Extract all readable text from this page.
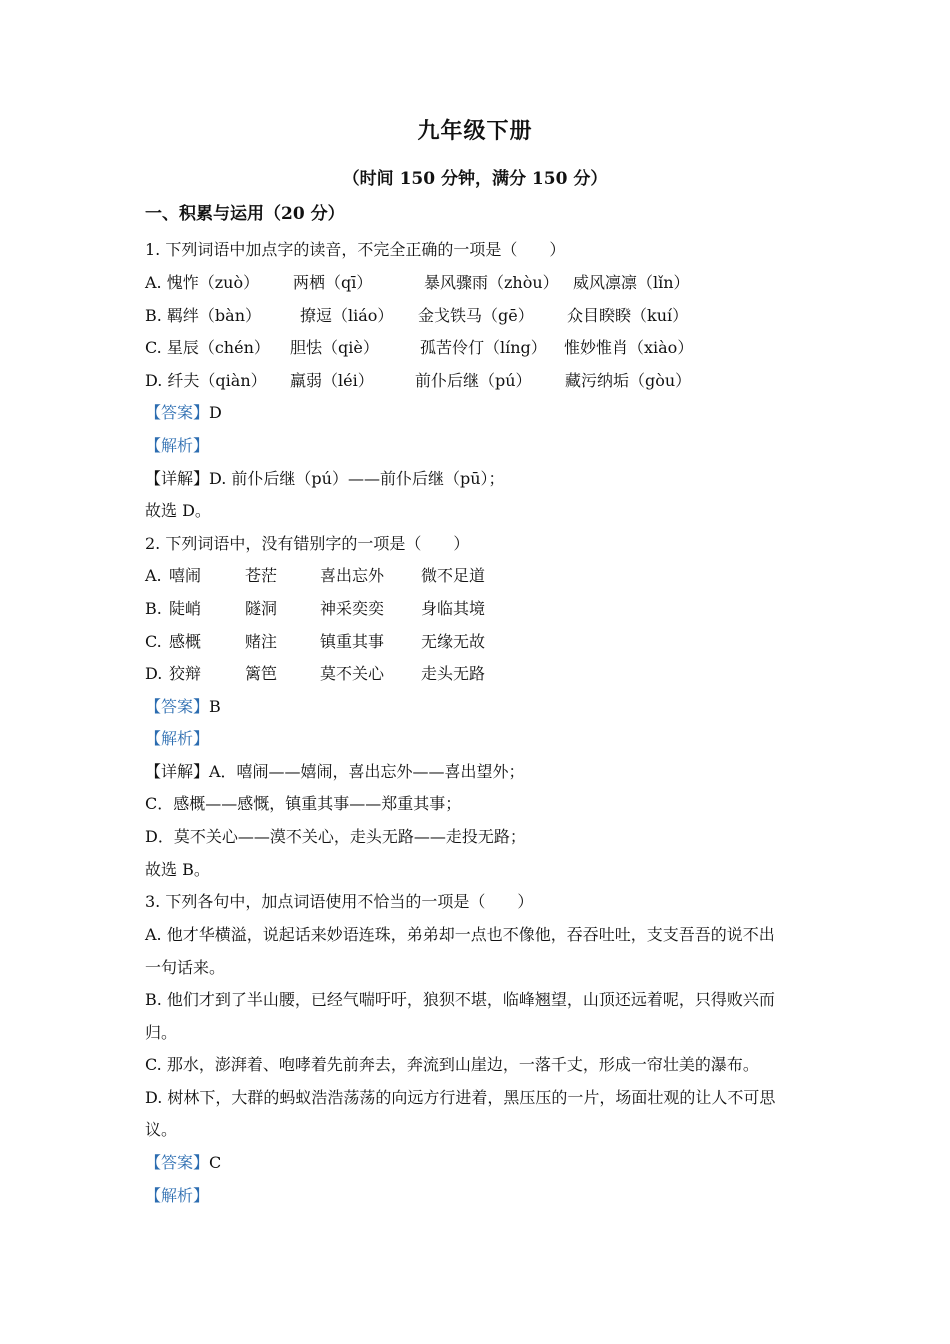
九年级下册
（时间 150 分钟，满分 150 分）
一、积累与运用（20 分）
1. 下列词语中加点字的读音，不完全正确的一项是（　　）
A. 愧怍（zuò） 两栖（qī）	暴风骤雨（zhòu） 威风凛凛（lǐn）
B. 羁绊（bàn） 撩逗（liáo） 金戈铁马（gē） 众目睽睽（kuí）
C. 星辰（chén） 胆怯（qiè）	孤苦伶仃（líng） 惟妙惟肖（xiào）
D. 纤夫（qiàn） 羸弱（léi）	前仆后继（pú） 藏污纳垢（gòu）
【答案】D
【解析】
【详解】D. 前仆后继（pú）——前仆后继（pū）；
故选 D。
2. 下列词语中，没有错别字的一项是（　　）
A. 嘻闹	苍茫	喜出忘外 微不足道
B. 陡峭	隧洞	神采奕奕 身临其境
C. 感概	赌注	镇重其事 无缘无故
D. 狡辩	篱笆	莫不关心 走头无路
【答案】B
【解析】
【详解】A．嘻闹——嬉闹，喜出忘外——喜出望外；
C．感概——感慨，镇重其事——郑重其事；
D．莫不关心——漠不关心，走头无路——走投无路；
故选 B。
3. 下列各句中，加点词语使用不恰当的一项是（　　）
A. 他才华横溢，说起话来妙语连珠，弟弟却一点也不像他，吞吞吐吐，支支吾吾的说不出
一句话来。
B. 他们才到了半山腰，已经气喘吁吁，狼狈不堪，临峰翘望，山顶还远着呢，只得败兴而
归。
C. 那水，澎湃着、咆哮着先前奔去，奔流到山崖边，一落千丈，形成一帘壮美的瀑布。
D. 树林下，大群的蚂蚁浩浩荡荡的向远方行进着，黑压压的一片，场面壮观的让人不可思
议。
【答案】C
【解析】
